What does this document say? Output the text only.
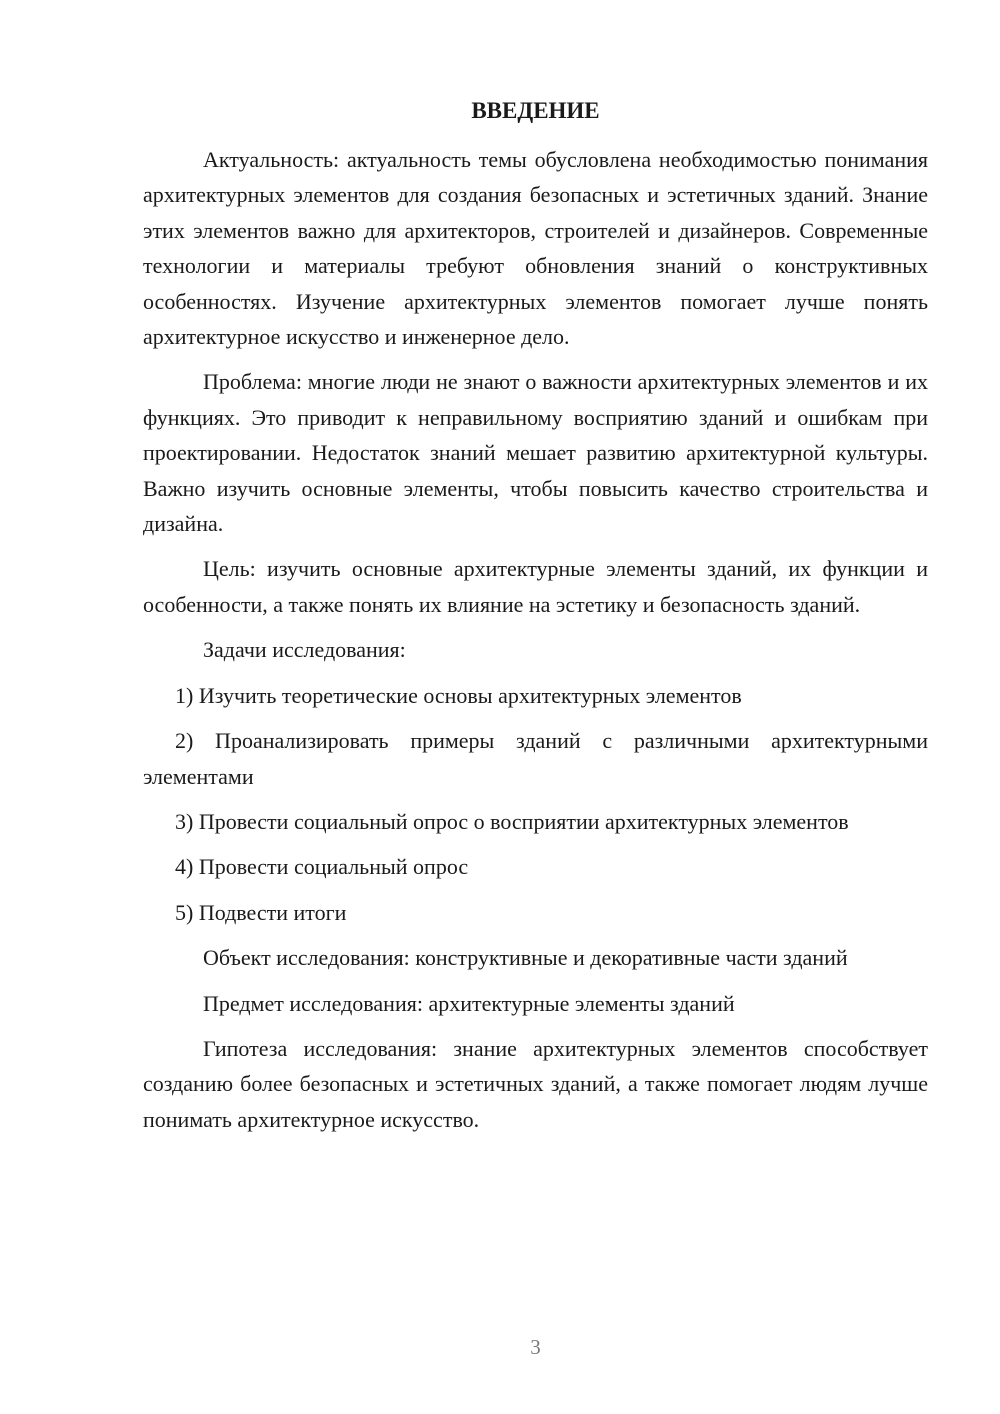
ВВЕДЕНИЕ

Актуальность: актуальность темы обусловлена необходимостью понимания архитектурных элементов для создания безопасных и эстетичных зданий. Знание этих элементов важно для архитекторов, строителей и дизайнеров. Современные технологии и материалы требуют обновления знаний о конструктивных особенностях. Изучение архитектурных элементов помогает лучше понять архитектурное искусство и инженерное дело.

Проблема: многие люди не знают о важности архитектурных элементов и их функциях. Это приводит к неправильному восприятию зданий и ошибкам при проектировании. Недостаток знаний мешает развитию архитектурной культуры. Важно изучить основные элементы, чтобы повысить качество строительства и дизайна.

Цель: изучить основные архитектурные элементы зданий, их функции и особенности, а также понять их влияние на эстетику и безопасность зданий.

Задачи исследования:

1) Изучить теоретические основы архитектурных элементов

2) Проанализировать примеры зданий с различными архитектурными элементами

3) Провести социальный опрос о восприятии архитектурных элементов

4) Провести социальный опрос

5) Подвести итоги

Объект исследования: конструктивные и декоративные части зданий

Предмет исследования: архитектурные элементы зданий

Гипотеза исследования: знание архитектурных элементов способствует созданию более безопасных и эстетичных зданий, а также помогает людям лучше понимать архитектурное искусство.

3
